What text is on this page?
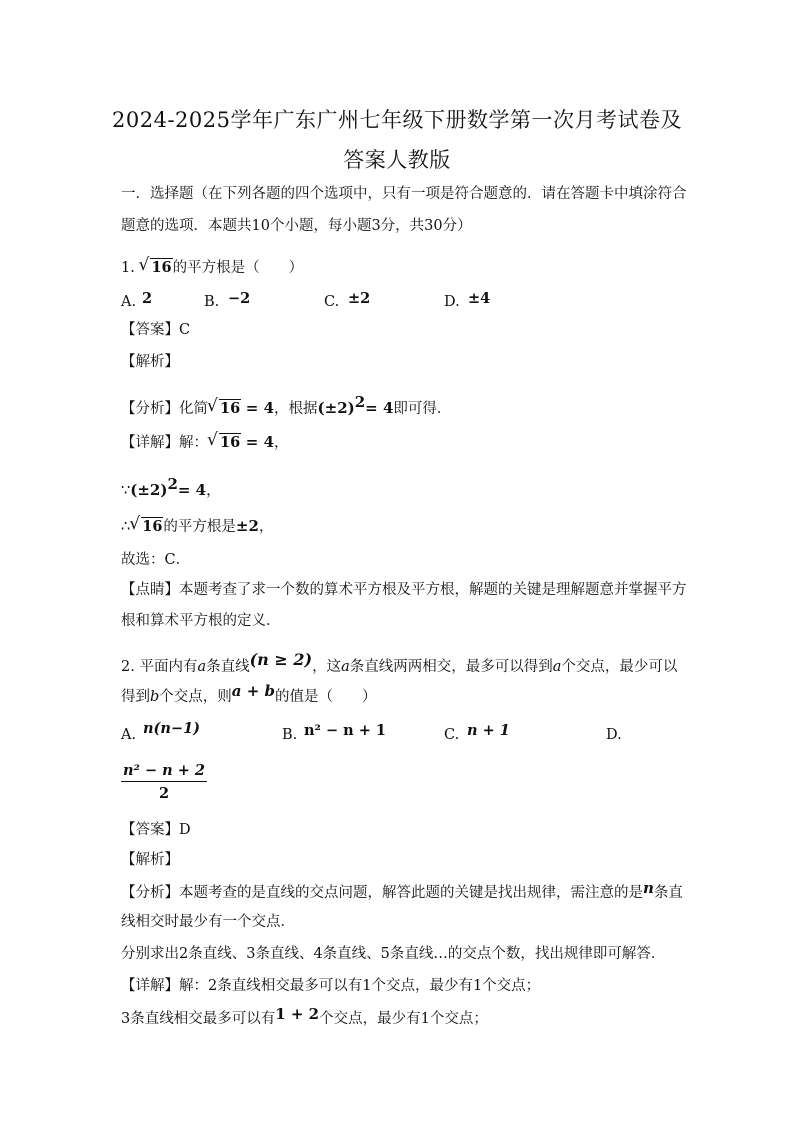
2024-2025学年广东广州七年级下册数学第一次月考试卷及
答案人教版
一．选择题（在下列各题的四个选项中，只有一项是符合题意的．请在答题卡中填涂符合
题意的选项．本题共10个小题，每小题3分，共30分）
1. √ 16的平方根是（　　）
A. 2	B. −2	C. ±2	D. ±4
【答案】C
【解析】
【分析】化简 √ 16 = 4，根据$(\pm 2)^2= 4$即可得．
【详解】解： √ 16 = 4，
$\because(\pm 2)^2= 4$，
∴ √ 16的平方根是±2，
故选：C．
【点睛】本题考查了求一个数的算术平方根及平方根，解题的关键是理解题意并掌握平方
根和算术平方根的定义．
2. 平面内有a条直线(n ≥ 2)，这a条直线两两相交，最多可以得到a个交点，最少可以
得到b个交点，则a + b的值是（　　）
A. n(n−1)	B. n² − n + 1	C. n + 1	D.
$\frac{\text{n² − n + 2}}{2}$
【答案】D
【解析】
【分析】本题考查的是直线的交点问题，解答此题的关键是找出规律，需注意的是n条直
线相交时最少有一个交点．
分别求出2条直线、3条直线、4条直线、5条直线…的交点个数，找出规律即可解答．
【详解】解：2条直线相交最多可以有1个交点，最少有1个交点；
3条直线相交最多可以有1 + 2个交点，最少有1个交点；
